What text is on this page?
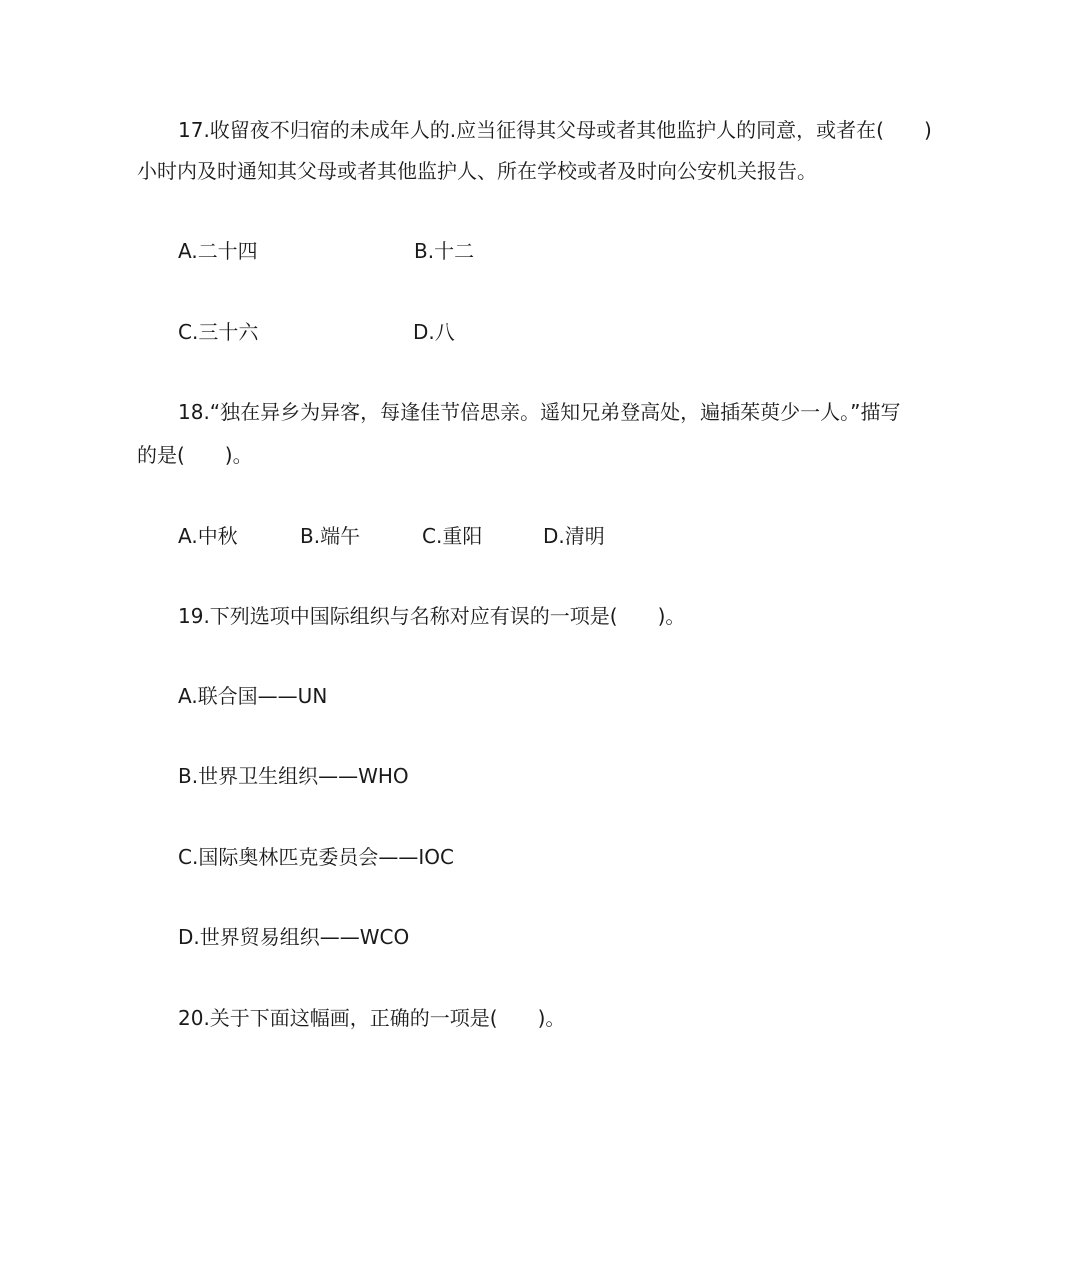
17.收留夜不归宿的未成年人的.应当征得其父母或者其他监护人的同意，或者在(　　)
小时内及时通知其父母或者其他监护人、所在学校或者及时向公安机关报告。
A.二十四	B.十二
C.三十六	D.八
18.“独在异乡为异客，每逢佳节倍思亲。遥知兄弟登高处，遍插茱萸少一人。”描写
的是(　　)。
A.中秋	B.端午	C.重阳	D.清明
19.下列选项中国际组织与名称对应有误的一项是(　　)。
A.联合国——UN
B.世界卫生组织——WHO
C.国际奥林匹克委员会——IOC
D.世界贸易组织——WCO
20.关于下面这幅画，正确的一项是(　　)。
